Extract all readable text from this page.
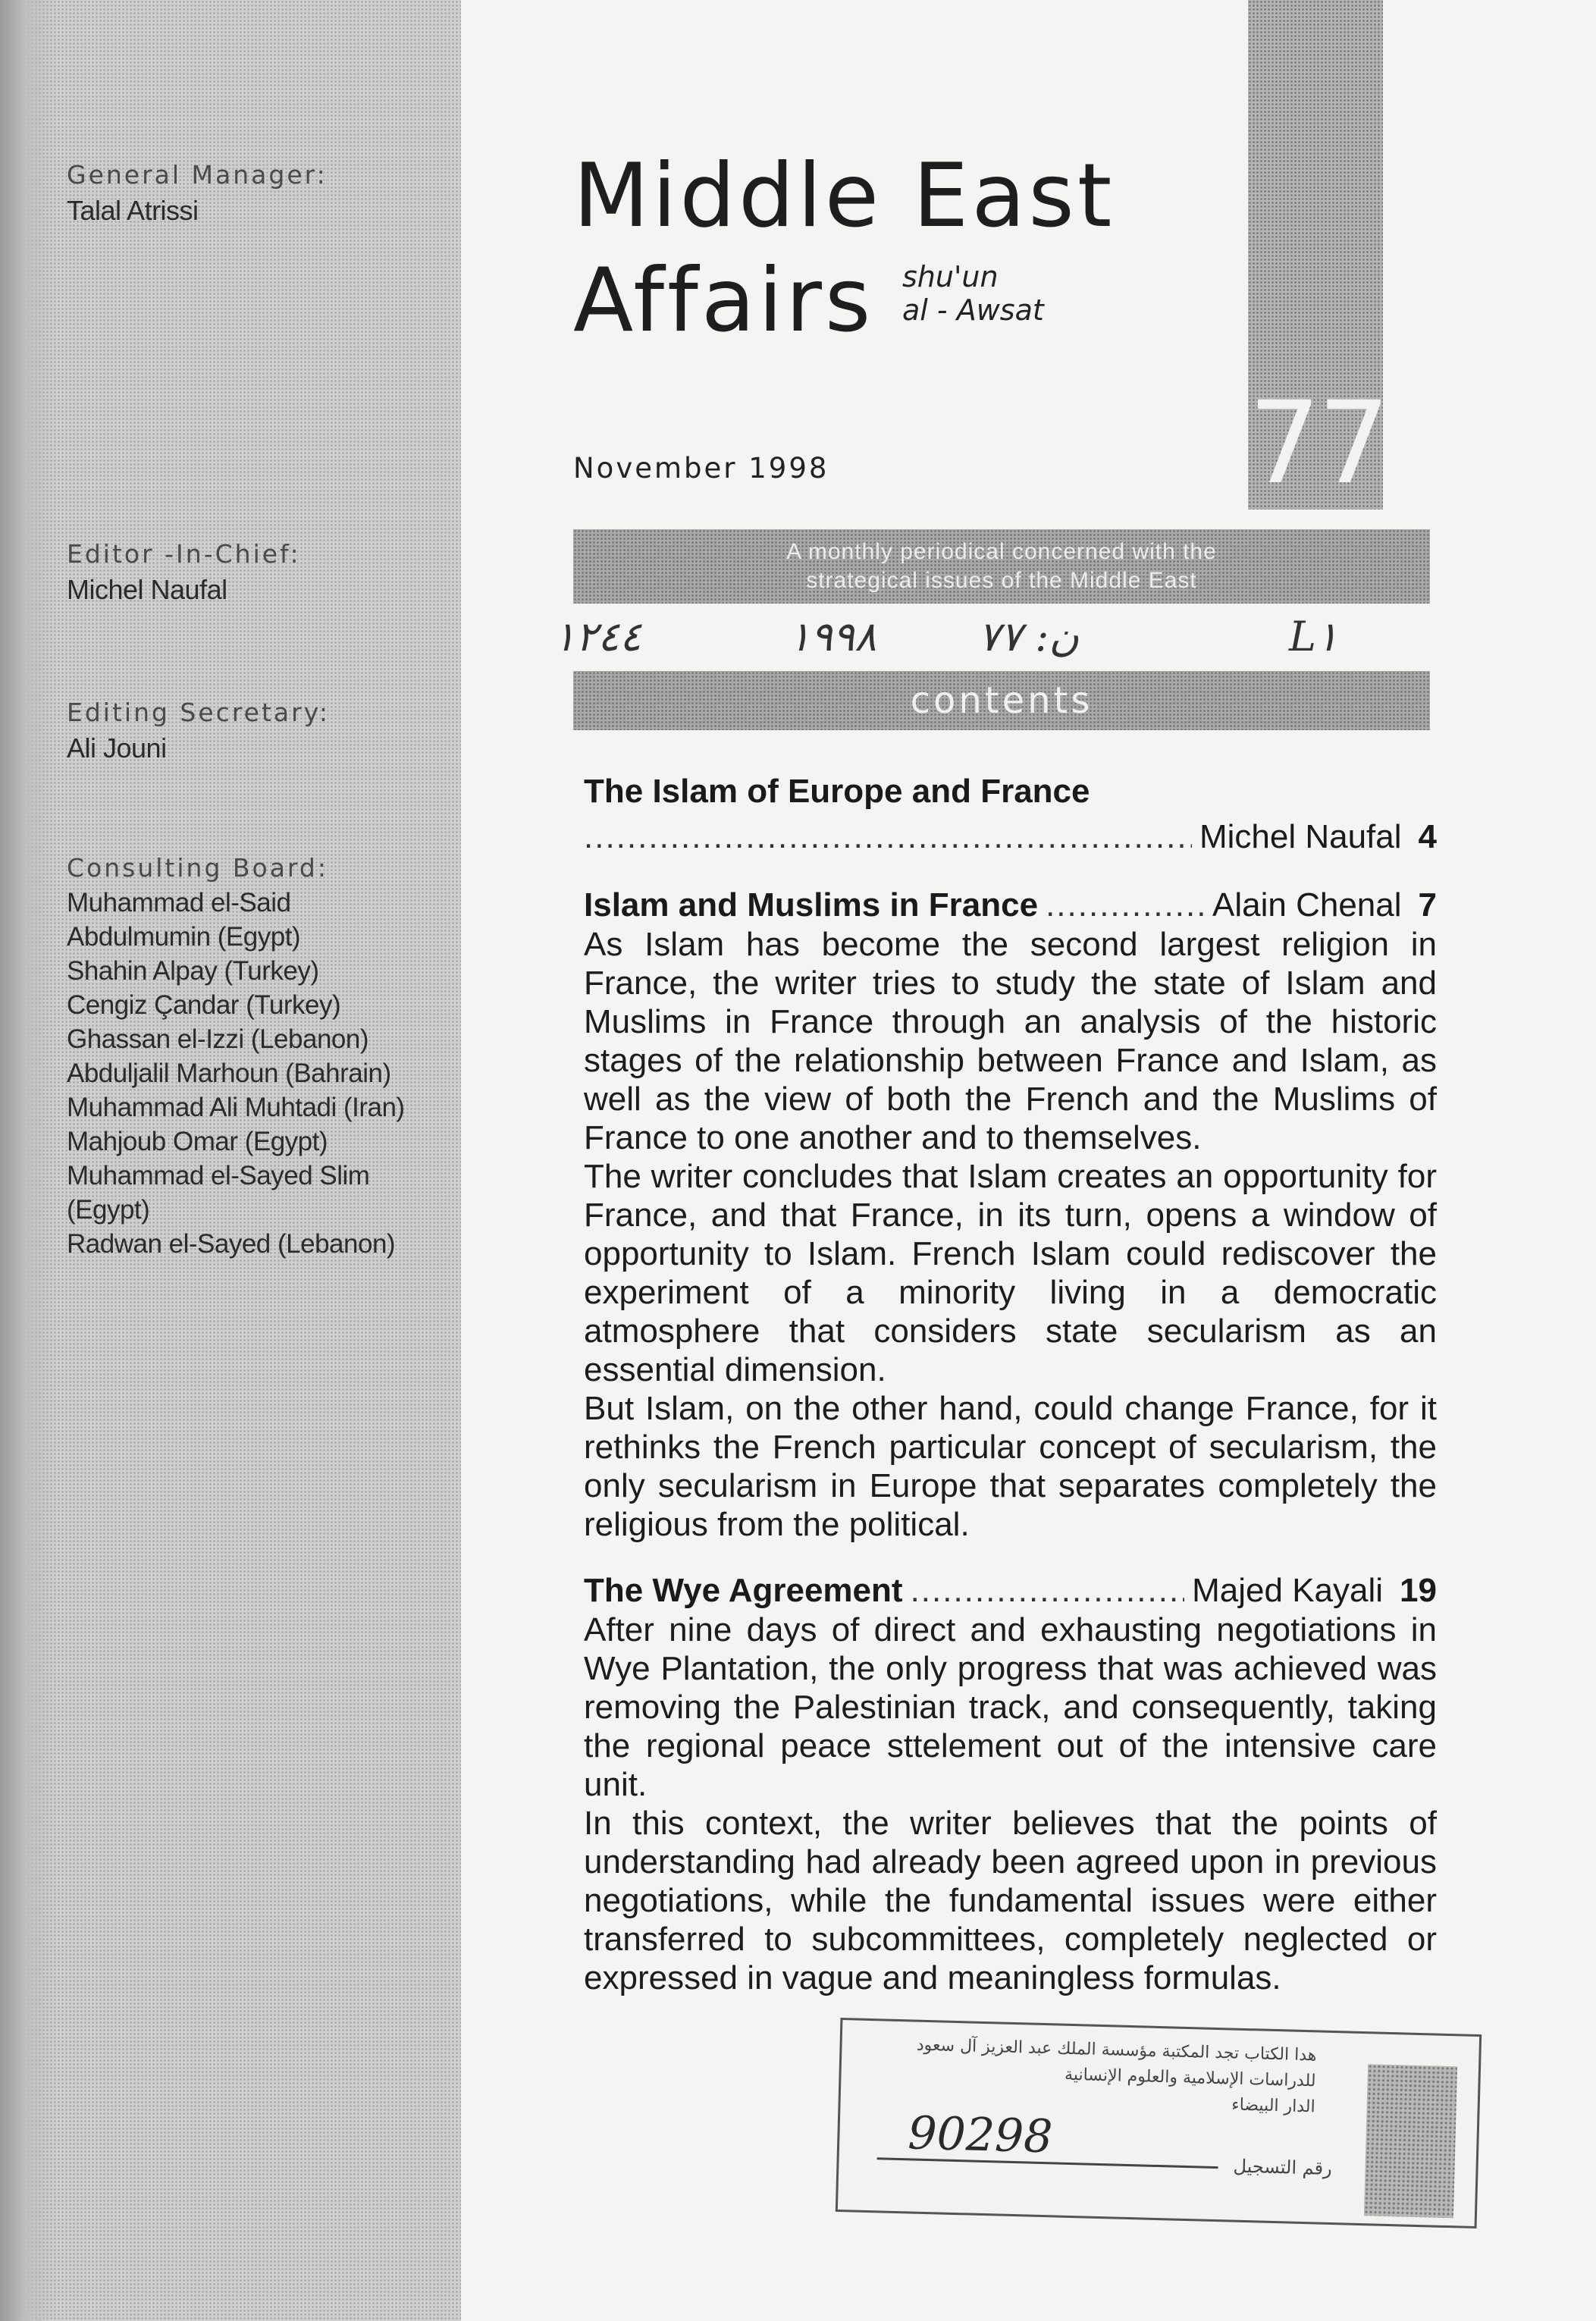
General Manager:
Talal Atrissi
Editor -In-Chief:
Michel Naufal
Editing Secretary:
Ali Jouni
Consulting Board:
Muhammad el-Said
Abdulmumin (Egypt)
Shahin Alpay (Turkey)
Cengiz Çandar (Turkey)
Ghassan el-Izzi (Lebanon)
Abduljalil Marhoun (Bahrain)
Muhammad Ali Muhtadi (Iran)
Mahjoub Omar (Egypt)
Muhammad el-Sayed Slim
(Egypt)
Radwan el-Sayed (Lebanon)
77
Middle East
Affairs shu'un
al - Awsat
November 1998
A monthly periodical concerned with the
strategical issues of the Middle East
١٢٤٤	١٩٩٨ ن: ٧٧	L١
contents
The Islam of Europe and France
.....
Michel Naufal 4
Islam and Muslims in France .....	Alain Chenal 7

As Islam has become the second largest religion in France, the writer tries to study the state of Islam and Muslims in France through an analysis of the historic stages of the relationship between France and Islam, as well as the view of both the French and the Muslims of France to one another and to themselves.

The writer concludes that Islam creates an opportunity for France, and that France, in its turn, opens a window of opportunity to Islam. French Islam could rediscover the experiment of a minority living in a democratic atmosphere that considers state secularism as an essential dimension.

But Islam, on the other hand, could change France, for it rethinks the French particular concept of secularism, the only secularism in Europe that separates completely the religious from the political.

The Wye Agreement .....	Majed Kayali 19

After nine days of direct and exhausting negotiations in Wye Plantation, the only progress that was achieved was removing the Palestinian track, and consequently, taking the regional peace sttelement out of the intensive care unit.

In this context, the writer believes that the points of understanding had already been agreed upon in previous negotiations, while the fundamental issues were either transferred to subcommittees, completely neglected or expressed in vague and meaningless formulas.

هدا الكتاب تجد المكتبة مؤسسة الملك عبد العزيز آل سعود
للدراسات الإسلامية والعلوم الإنسانية
الدار البيضاء
90298
رقم التسجيل
